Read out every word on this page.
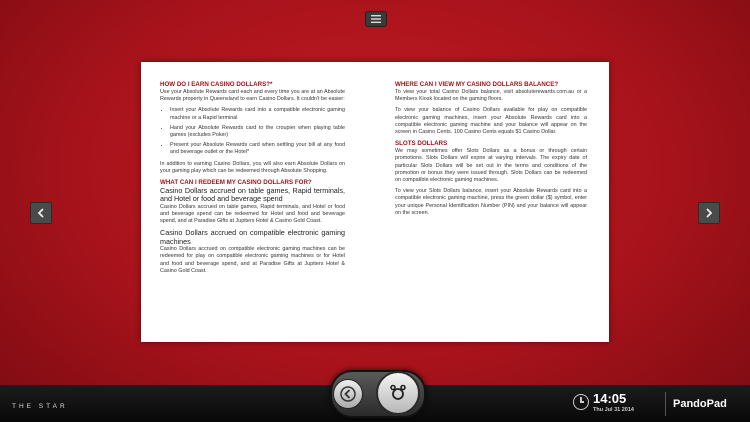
HOW DO I EARN CASINO DOLLARS?*

Use your Absolute Rewards card each and every time you are at an Absolute Rewards property in Queensland to earn Casino Dollars. It couldn't be easier:

• Insert your Absolute Rewards card into a compatible electronic gaming machine or a Rapid terminal
• Hand your Absolute Rewards card to the croupier when playing table games (excludes Poker)
• Present your Absolute Rewards card when settling your bill at any food and beverage outlet or the Hotel*

In addition to earning Casino Dollars, you will also earn Absolute Dollars on your gaming play which can be redeemed through Absolute Shopping.

WHAT CAN I REDEEM MY CASINO DOLLARS FOR?

Casino Dollars accrued on table games, Rapid terminals, and Hotel or food and beverage spend

Casino Dollars accrued on table games, Rapid terminals, and Hotel or food and beverage spend can be redeemed for Hotel and food and beverage spend, and at Paradise Gifts at Jupiters Hotel & Casino Gold Coast.

Casino Dollars accrued on compatible electronic gaming machines

Casino Dollars accrued on compatible electronic gaming machines can be redeemed for play on compatible electronic gaming machines or for Hotel and food and beverage spend, and at Paradise Gifts at Jupiters Hotel & Casino Gold Coast.

WHERE CAN I VIEW MY CASINO DOLLARS BALANCE?

To view your total Casino Dollars balance, visit absoluterewards.com.au or a Members Kiosk located on the gaming floors.

To view your balance of Casino Dollars available for play on compatible electronic gaming machines, insert your Absolute Rewards card into a compatible electronic gaming machine and your balance will appear on the screen in Casino Cents. 100 Casino Cents equals $1 Casino Dollar.

SLOTS DOLLARS

We may sometimes offer Slots Dollars as a bonus or through certain promotions. Slots Dollars will expire at varying intervals. The expiry date of particular Slots Dollars will be set out in the terms and conditions of the promotion or bonus they were issued through. Slots Dollars can be redeemed on compatible electronic gaming machines.

To view your Slots Dollars balance, insert your Absolute Rewards card into a compatible electronic gaming machine, press the green dollar ($) symbol, enter your unique Personal Identification Number (PIN) and your balance will appear on the screen.

THE STAR
14:05
Thu Jul 31 2014	PandoPad
